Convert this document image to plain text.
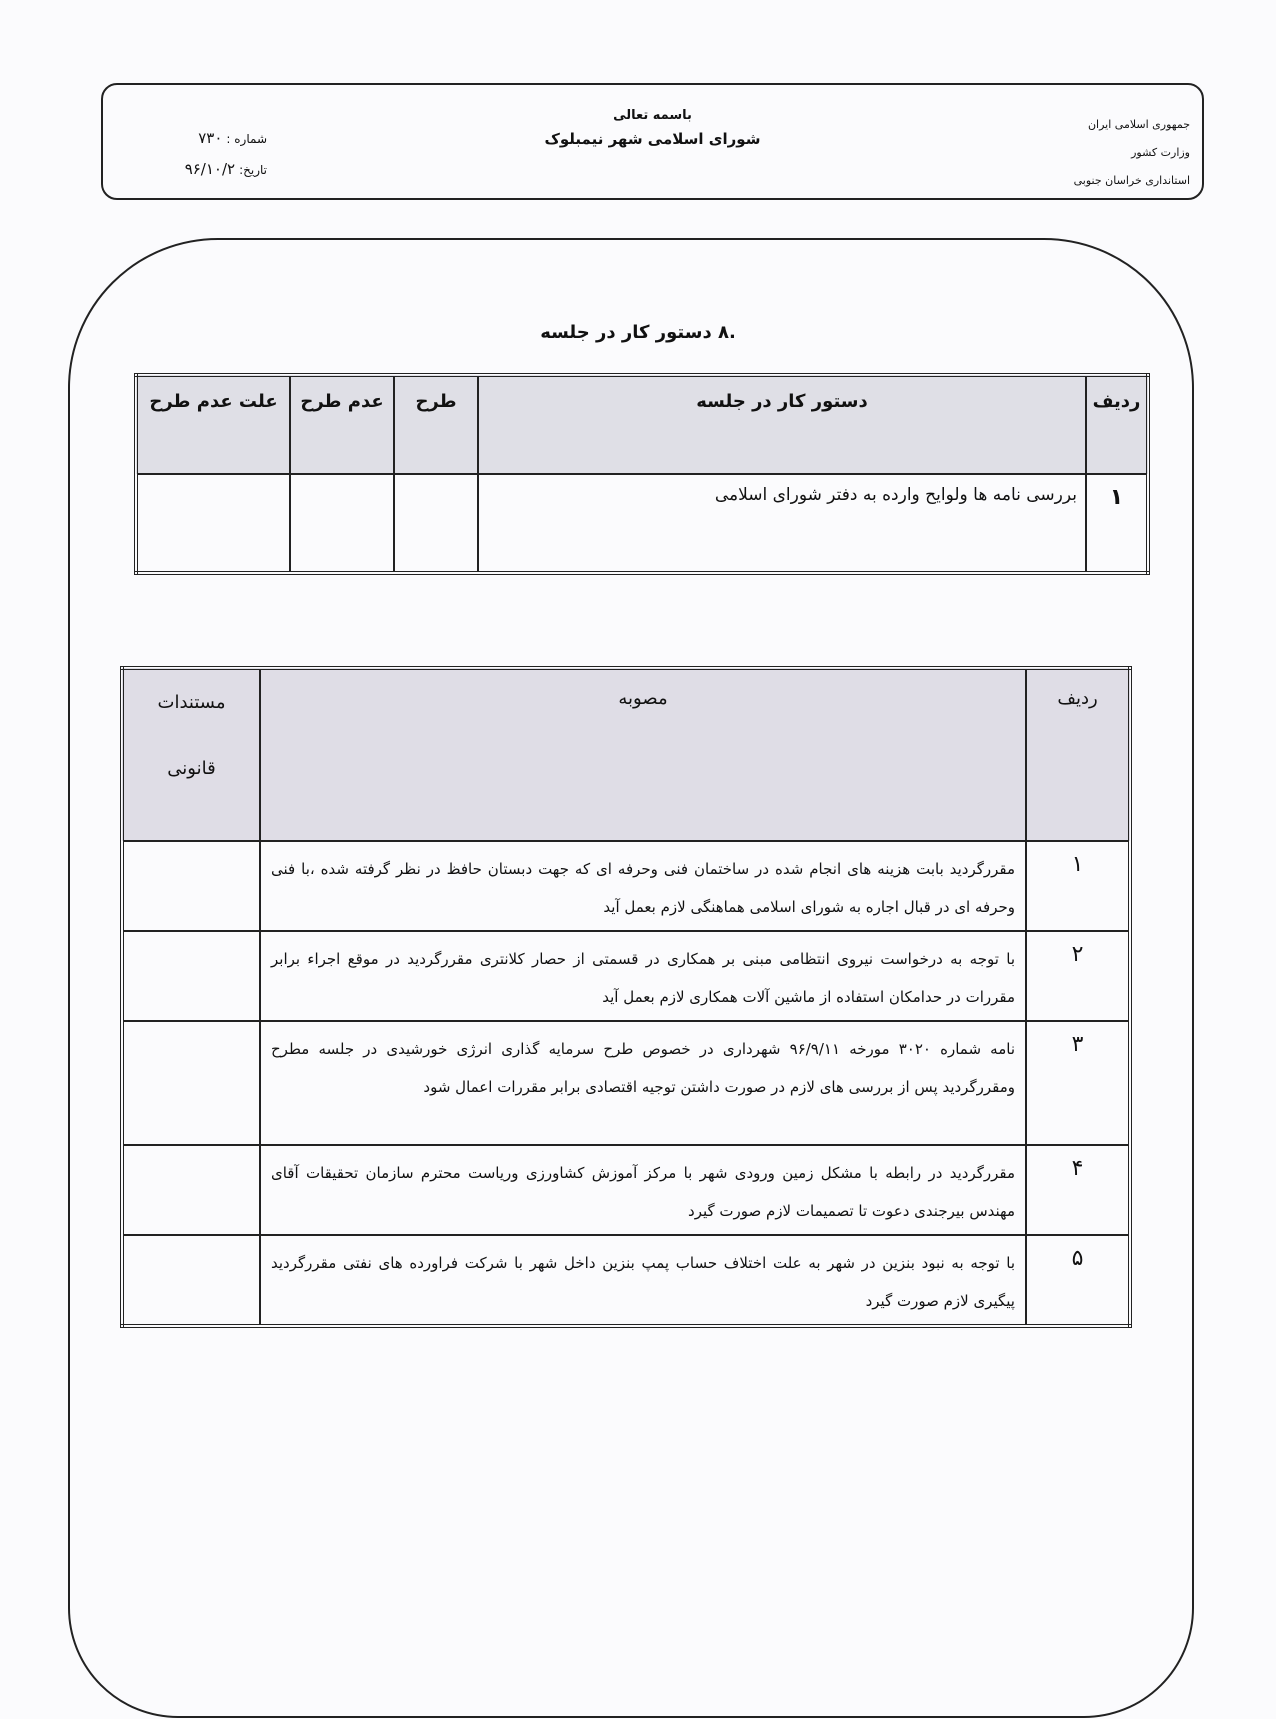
جمهوری اسلامی ایران
وزارت کشور
استانداری خراسان جنوبی
باسمه تعالی
شورای اسلامی شهر نیمبلوک
شماره :۷۳۰
تاریخ:۹۶/۱۰/۲
.۸ دستور کار در جلسه
ردیف	دستور کار در جلسه	طرح	عدم طرح	علت عدم طرح
۱	بررسی نامه ها ولوایح وارده به دفتر شورای اسلامی			
ردیف	مصوبه	مستندات
قانونی

۱	مقررگردید بابت هزینه های انجام شده در ساختمان فنی وحرفه ای که جهت دبستان حافظ در نظر گرفته شده ،با فنی وحرفه ای در قبال اجاره به شورای اسلامی هماهنگی لازم بعمل آید	
۲	با توجه به درخواست نیروی انتظامی مبنی بر همکاری در قسمتی از حصار کلانتری مقررگردید در موقع اجراء برابر مقررات در حدامکان استفاده از ماشین آلات همکاری لازم بعمل آید	
۳	نامه شماره ۳۰۲۰ مورخه ۹۶/۹/۱۱ شهرداری در خصوص طرح سرمایه گذاری انرژی خورشیدی در جلسه مطرح ومقررگردید پس از بررسی های لازم در صورت داشتن توجیه اقتصادی برابر مقررات اعمال شود	
۴	مقررگردید در رابطه با مشکل زمین ورودی شهر با مرکز آموزش کشاورزی وریاست محترم سازمان تحقیقات آقای مهندس بیرجندی دعوت تا تصمیمات لازم صورت گیرد	
۵	با توجه به نبود بنزین در شهر به علت اختلاف حساب پمپ بنزین داخل شهر با شرکت فراورده های نفتی مقررگردید پیگیری لازم صورت گیرد	
